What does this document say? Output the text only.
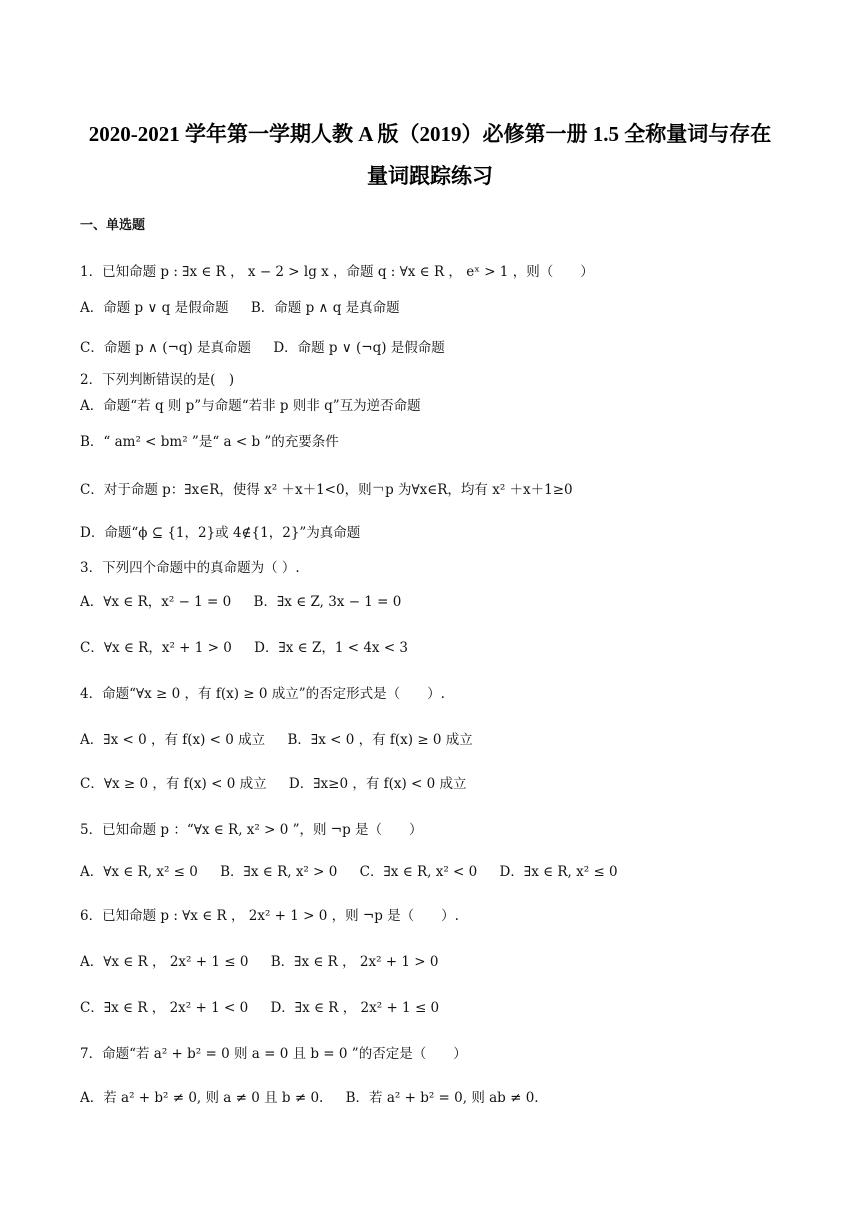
2020-2021 学年第一学期人教 A 版（2019）必修第一册 1.5 全称量词与存在
量词跟踪练习
一、单选题
1．已知命题 p : ∃x ∈ R ， x − 2 > lg x ，命题 q : ∀x ∈ R ， eˣ > 1 ，则（　　）
A．命题 p ∨ q 是假命题 B．命题 p ∧ q 是真命题
C．命题 p ∧ (¬q) 是真命题 D．命题 p ∨ (¬q) 是假命题
2．下列判断错误的是(　)
A．命题“若 q 则 p”与命题“若非 p 则非 q”互为逆否命题
B．“ am² < bm² ”是“ a < b ”的充要条件
C．对于命题 p：∃x∈R，使得 x² ＋x＋1<0，则￢p 为∀x∈R，均有 x² ＋x＋1≥0
D．命题“ϕ ⊆ {1，2}或 4∉{1，2}”为真命题
3．下列四个命题中的真命题为（ ）.
A．∀x ∈ R，x² − 1 = 0 B．∃x ∈ Z, 3x − 1 = 0
C．∀x ∈ R，x² + 1 > 0 D．∃x ∈ Z，1 < 4x < 3
4．命题“∀x ≥ 0 ，有 f(x) ≥ 0 成立”的否定形式是（　　）.
A．∃x < 0 ，有 f(x) < 0 成立 B．∃x < 0 ，有 f(x) ≥ 0 成立
C．∀x ≥ 0 ，有 f(x) < 0 成立 D．∃x≥0 ，有 f(x) < 0 成立
5．已知命题 p ：“∀x ∈ R, x² > 0 ”，则 ¬p 是（　　）
A．∀x ∈ R, x² ≤ 0 B．∃x ∈ R, x² > 0 C．∃x ∈ R, x² < 0 D．∃x ∈ R, x² ≤ 0
6．已知命题 p : ∀x ∈ R ， 2x² + 1 > 0 ，则 ¬p 是（　　）.
A．∀x ∈ R ， 2x² + 1 ≤ 0 B．∃x ∈ R ， 2x² + 1 > 0
C．∃x ∈ R ， 2x² + 1 < 0 D．∃x ∈ R ， 2x² + 1 ≤ 0
7．命题“若 a² + b² = 0 则 a = 0 且 b = 0 ”的否定是（　　）
A．若 a² + b² ≠ 0, 则 a ≠ 0 且 b ≠ 0. B．若 a² + b² = 0, 则 ab ≠ 0.
